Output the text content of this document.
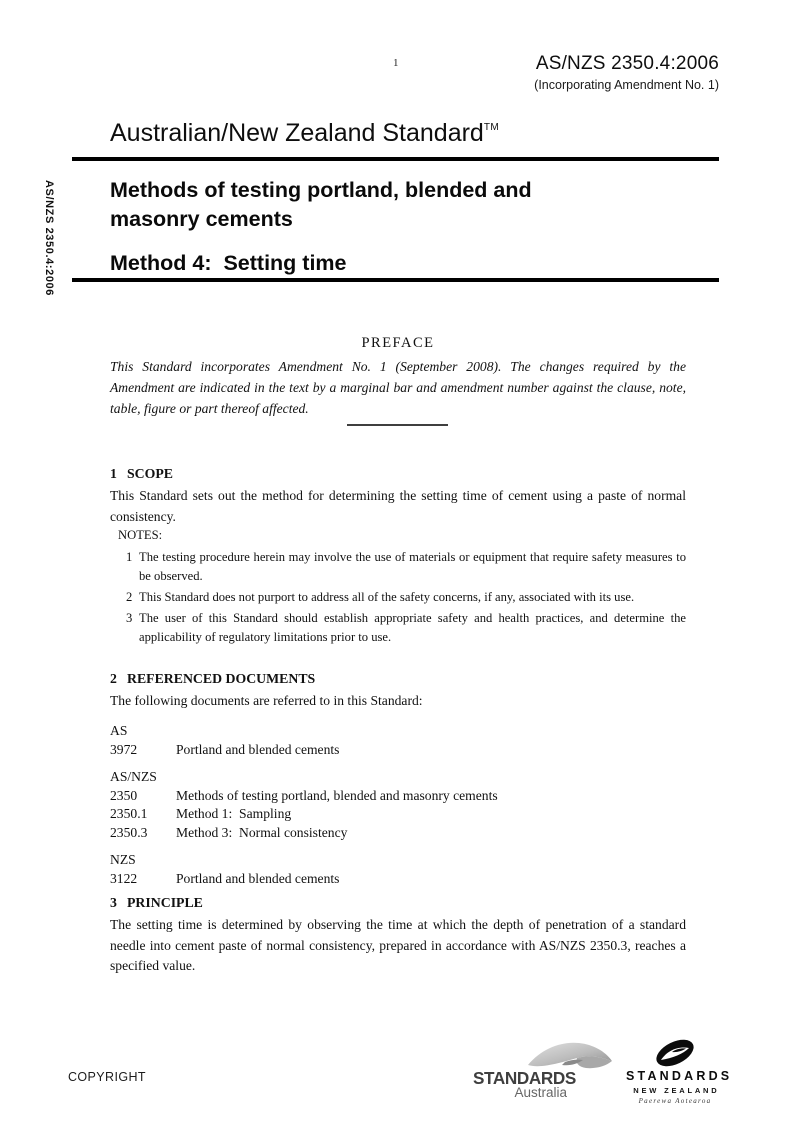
1	AS/NZS 2350.4:2006
(Incorporating Amendment No. 1)
AS/NZS 2350.4:2006
Australian/New Zealand Standard™
Methods of testing portland, blended and
masonry cements
Method 4:  Setting time
PREFACE

This Standard incorporates Amendment No. 1 (September 2008). The changes required by the Amendment are indicated in the text by a marginal bar and amendment number against the clause, note, table, figure or part thereof affected.

1 SCOPE

This Standard sets out the method for determining the setting time of cement using a paste of normal consistency.

NOTES:
1 The testing procedure herein may involve the use of materials or equipment that require safety measures to be observed.
2 This Standard does not purport to address all of the safety concerns, if any, associated with its use.
3 The user of this Standard should establish appropriate safety and health practices, and determine the applicability of regulatory limitations prior to use.
2 REFERENCED DOCUMENTS

The following documents are referred to in this Standard:

AS
3972	Portland and blended cements
AS/NZS
2350	Methods of testing portland, blended and masonry cements
2350.1	Method 1:  Sampling
2350.3	Method 3:  Normal consistency
NZS
3122	Portland and blended cements
3 PRINCIPLE

The setting time is determined by observing the time at which the depth of penetration of a standard needle into cement paste of normal consistency, prepared in accordance with AS/NZS 2350.3, reaches a specified value.

COPYRIGHT	STANDARDS
Australia
STANDARDS
NEW ZEALAND
Paerewa Aotearoa
